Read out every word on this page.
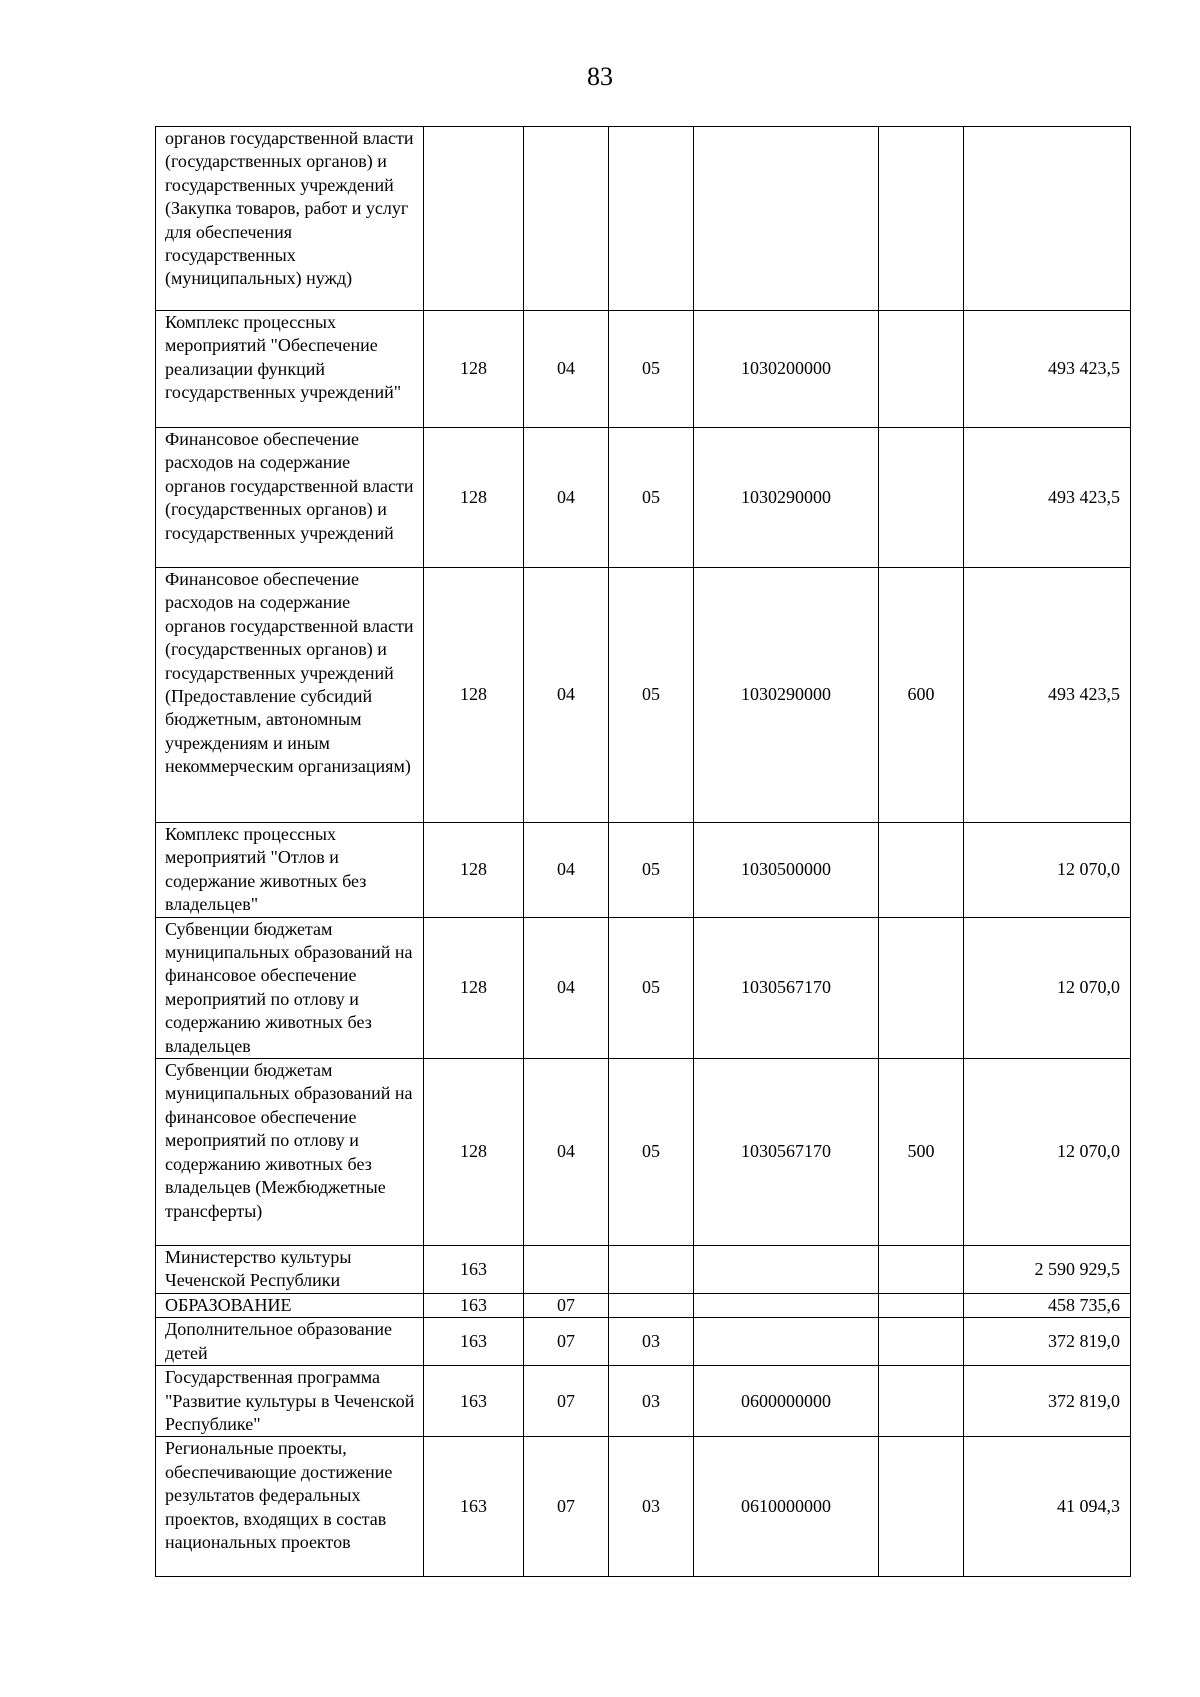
83
органов государственной власти (государственных органов) и государственных учреждений (Закупка товаров, работ и услуг для обеспечения государственных (муниципальных) нужд)						
Комплекс процессных мероприятий "Обеспечение реализации функций государственных учреждений"	128	04	05	1030200000		493 423,5
Финансовое обеспечение расходов на содержание органов государственной власти (государственных органов) и государственных учреждений	128	04	05	1030290000		493 423,5
Финансовое обеспечение расходов на содержание органов государственной власти (государственных органов) и государственных учреждений (Предоставление субсидий бюджетным, автономным учреждениям и иным некоммерческим организациям)	128	04	05	1030290000	600	493 423,5
Комплекс процессных мероприятий "Отлов и содержание животных без владельцев"	128	04	05	1030500000		12 070,0
Субвенции бюджетам муниципальных образований на финансовое обеспечение мероприятий по отлову и содержанию животных без владельцев	128	04	05	1030567170		12 070,0
Субвенции бюджетам муниципальных образований на финансовое обеспечение мероприятий по отлову и содержанию животных без владельцев (Межбюджетные трансферты)	128	04	05	1030567170	500	12 070,0
Министерство культуры Чеченской Республики	163					2 590 929,5
ОБРАЗОВАНИЕ	163	07				458 735,6
Дополнительное образование детей	163	07	03			372 819,0
Государственная программа "Развитие культуры в Чеченской Республике"	163	07	03	0600000000		372 819,0
Региональные проекты, обеспечивающие достижение результатов федеральных проектов, входящих в состав национальных проектов	163	07	03	0610000000		41 094,3
